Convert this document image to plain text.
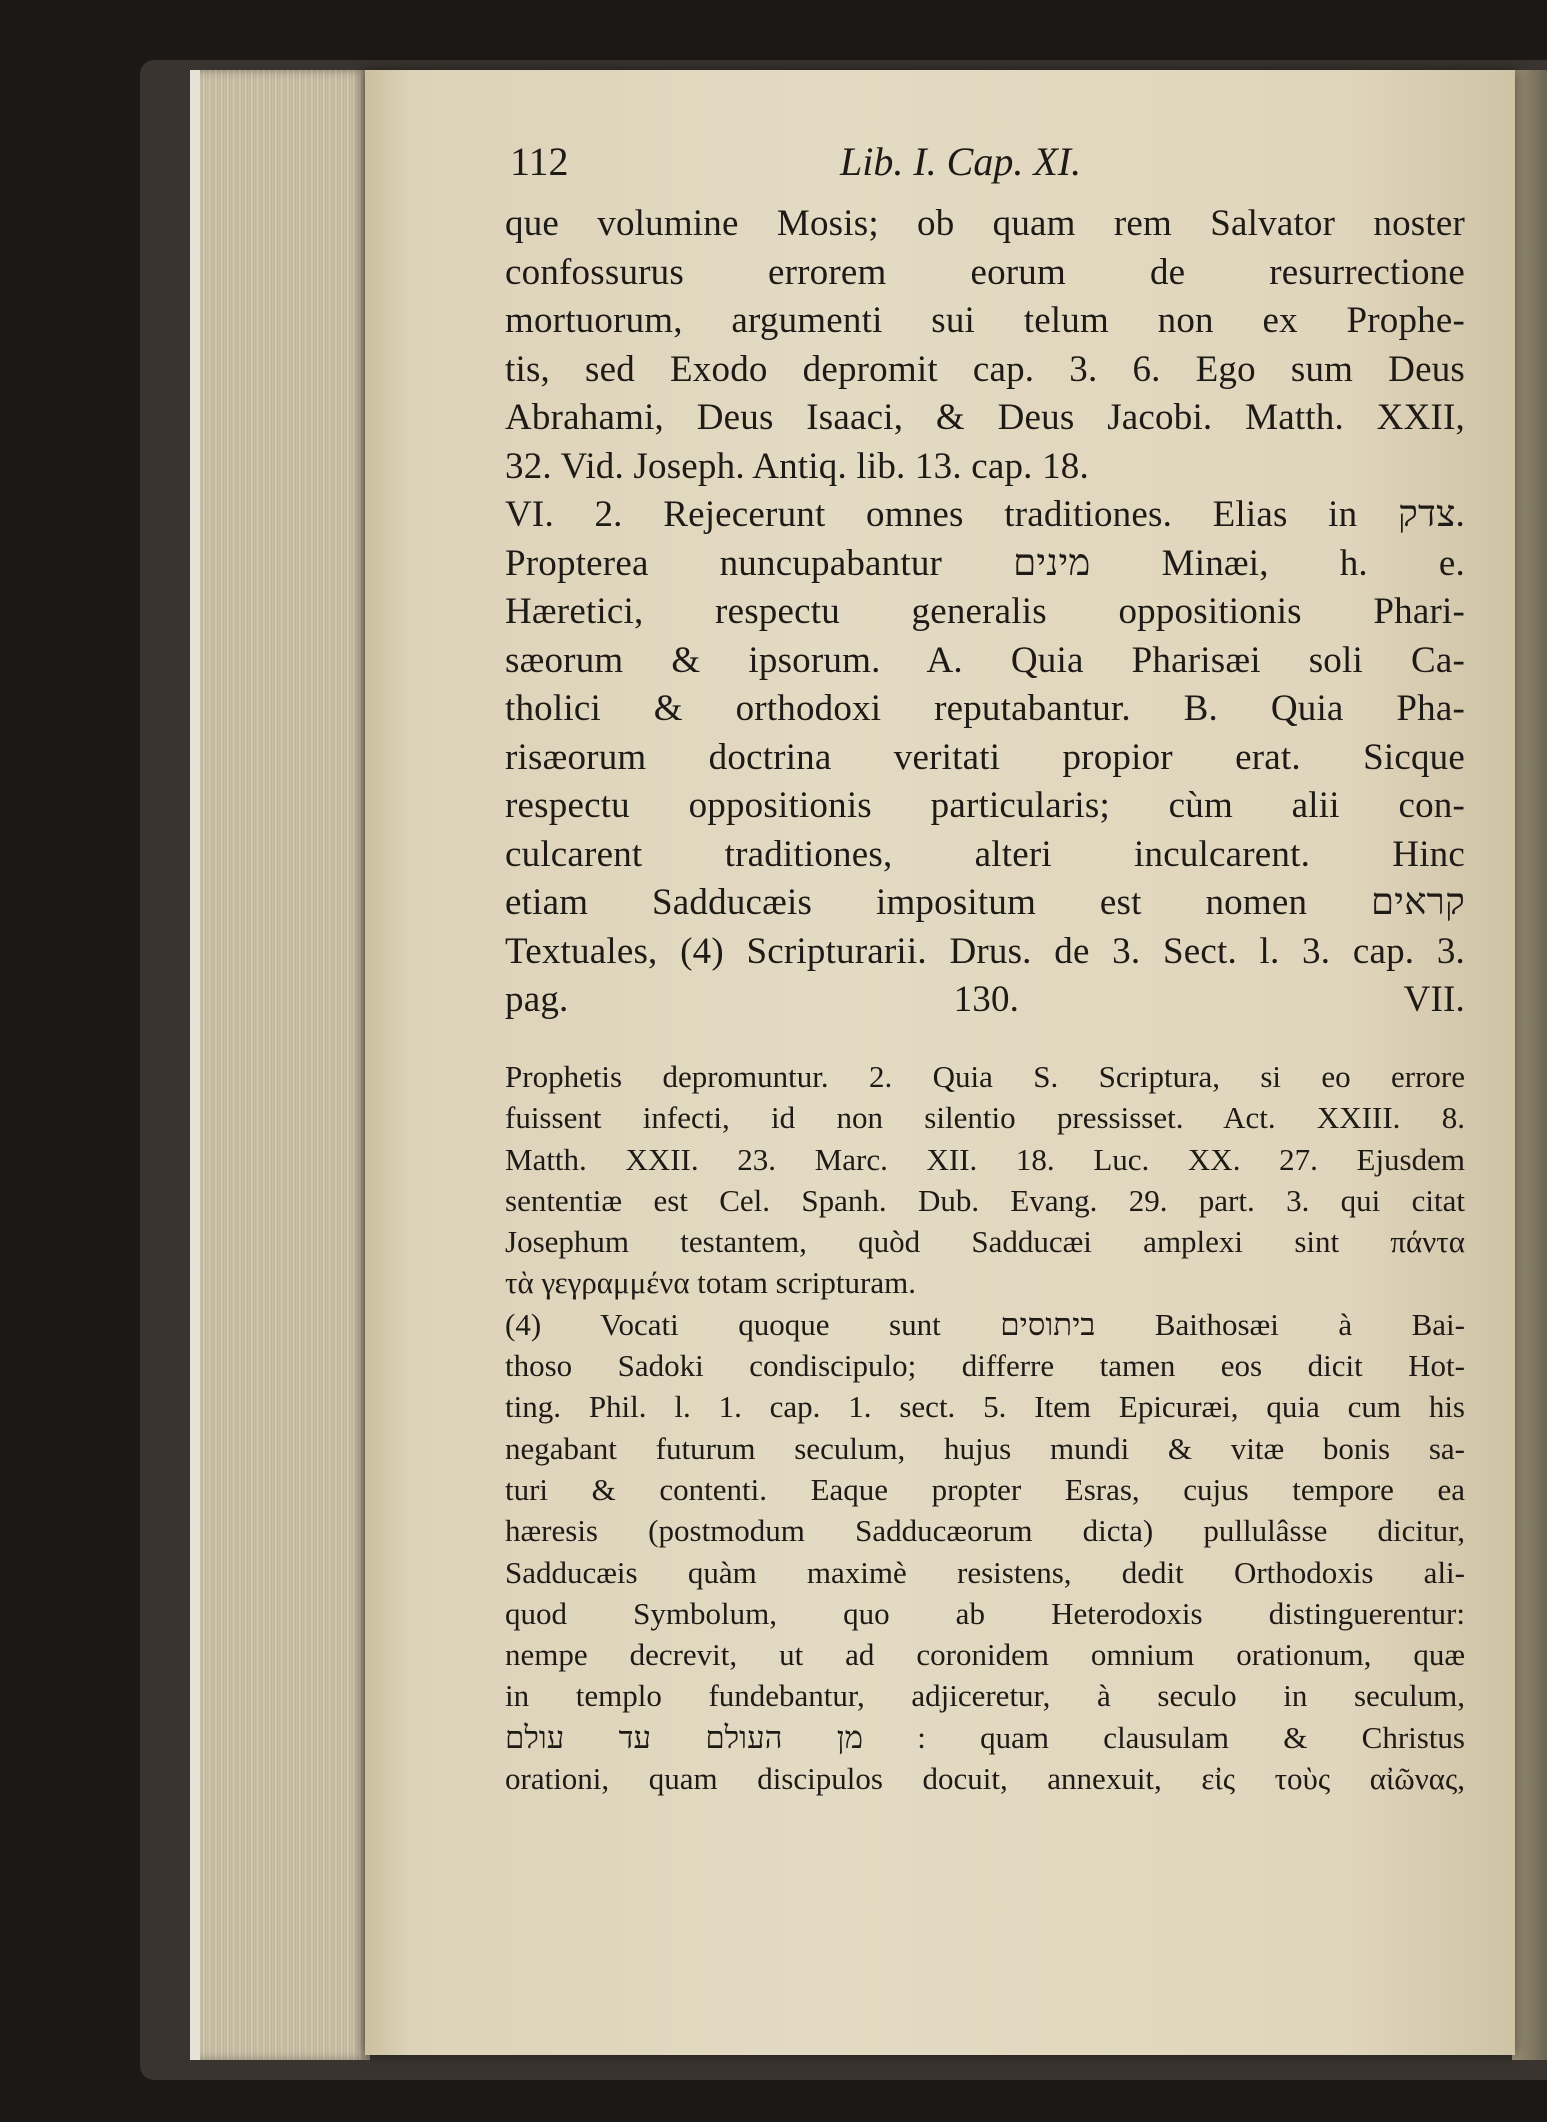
112	Lib. I. Cap. XI.
que volumine Mosis; ob quam rem Salvator noster
confossurus errorem eorum de resurrectione
mortuorum, argumenti sui telum non ex Prophe-
tis, sed Exodo depromit cap. 3. 6. Ego sum Deus
Abrahami, Deus Isaaci, & Deus Jacobi. Matth. XXII,
32. Vid. Joseph. Antiq. lib. 13. cap. 18.
VI. 2. Rejecerunt omnes traditiones. Elias in צדק.
Propterea nuncupabantur מינים Minæi, h. e.
Hæretici, respectu generalis oppositionis Phari-
sæorum & ipsorum. A. Quia Pharisæi soli Ca-
tholici & orthodoxi reputabantur. B. Quia Pha-
risæorum doctrina veritati propior erat. Sicque
respectu oppositionis particularis; cùm alii con-
culcarent traditiones, alteri inculcarent. Hinc
etiam Sadducæis impositum est nomen קראים
Textuales, (4) Scripturarii. Drus. de 3. Sect. l. 3. cap. 3.
pag. 130. VII.
Prophetis depromuntur. 2. Quia S. Scriptura, si eo errore
fuissent infecti, id non silentio pressisset. Act. XXIII. 8.
Matth. XXII. 23. Marc. XII. 18. Luc. XX. 27. Ejusdem
sententiæ est Cel. Spanh. Dub. Evang. 29. part. 3. qui citat
Josephum testantem, quòd Sadducæi amplexi sint πάντα
τὰ γεγραμμένα totam scripturam.
(4) Vocati quoque sunt ביתוסים Baithosæi à Bai-
thoso Sadoki condiscipulo; differre tamen eos dicit Hot-
ting. Phil. l. 1. cap. 1. sect. 5. Item Epicuræi, quia cum his
negabant futurum seculum, hujus mundi & vitæ bonis sa-
turi & contenti. Eaque propter Esras, cujus tempore ea
hæresis (postmodum Sadducæorum dicta) pullulâsse dicitur,
Sadducæis quàm maximè resistens, dedit Orthodoxis ali-
quod Symbolum, quo ab Heterodoxis distinguerentur:
nempe decrevit, ut ad coronidem omnium orationum, quæ
in templo fundebantur, adjiceretur, à seculo in seculum,
מן העולם עד עולם : quam clausulam & Christus
orationi, quam discipulos docuit, annexuit, εἰς τοὺς αἰῶνας,
